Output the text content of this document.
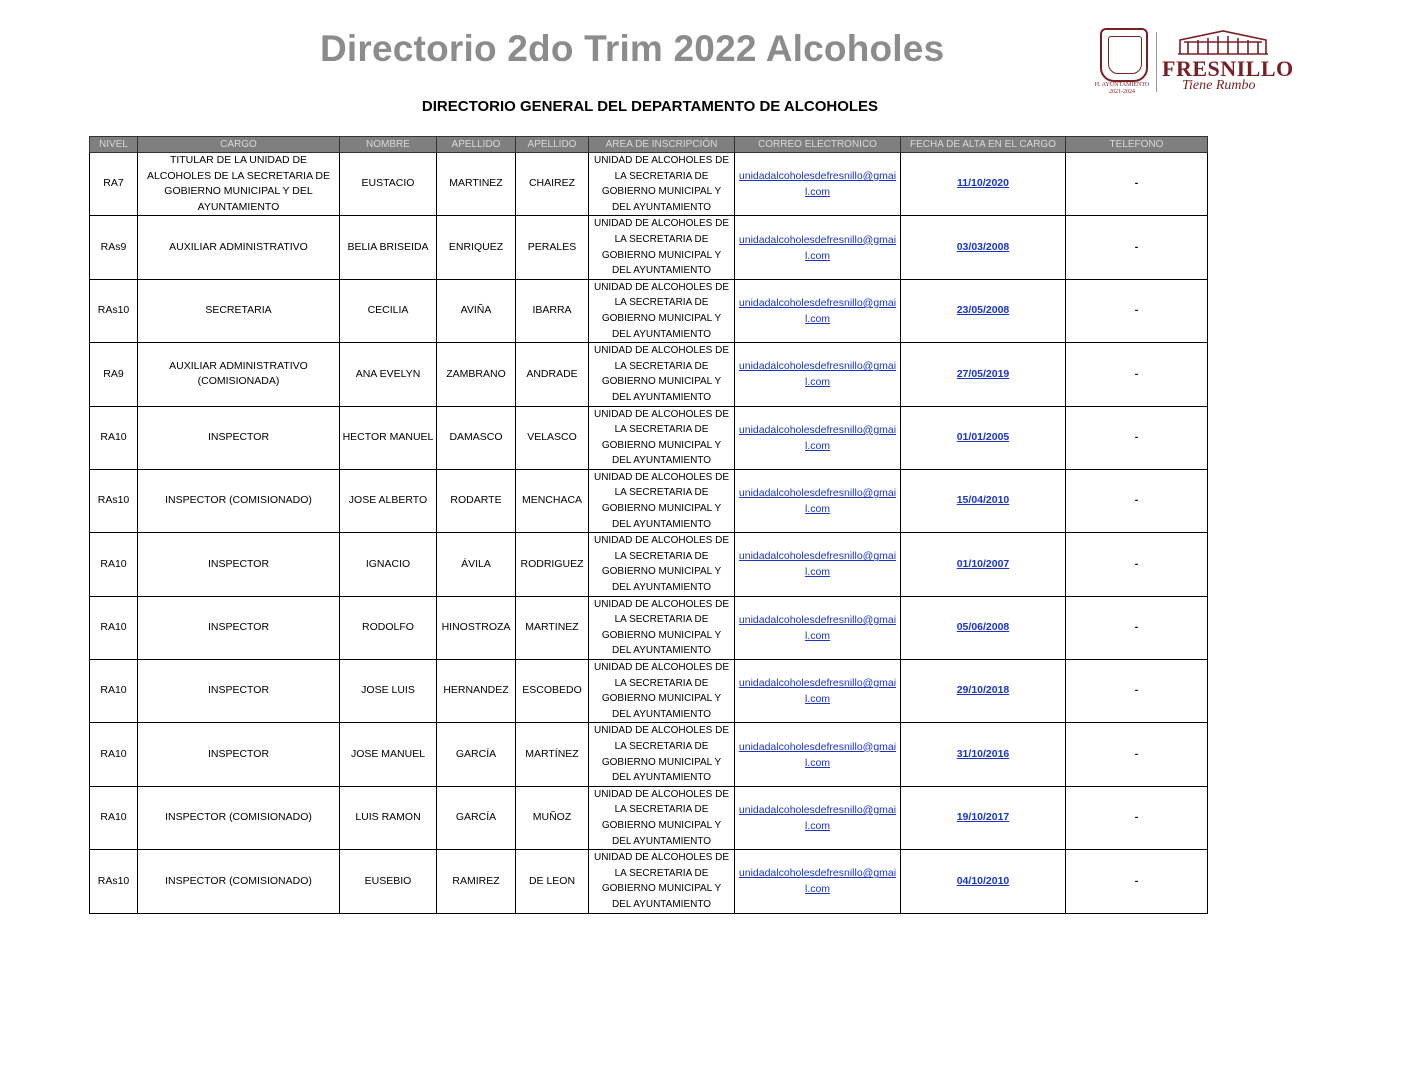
Directorio 2do Trim 2022 Alcoholes
H. AYUNTAMIENTO 2021-2024
FRESNILLO
Tiene Rumbo
DIRECTORIO GENERAL DEL DEPARTAMENTO DE ALCOHOLES
NIVEL	CARGO	NOMBRE	APELLIDO	APELLIDO	AREA DE INSCRIPCIÓN	CORREO ELECTRONICO	FECHA DE ALTA EN EL CARGO	TELEFONO
RA7	TITULAR DE LA UNIDAD DE ALCOHOLES DE LA SECRETARIA DE GOBIERNO MUNICIPAL Y DEL AYUNTAMIENTO	EUSTACIO	MARTINEZ	CHAIREZ	UNIDAD DE ALCOHOLES DE LA SECRETARIA DE GOBIERNO MUNICIPAL Y DEL AYUNTAMIENTO	unidadalcoholesdefresnillo@gmail.com	11/10/2020	-
RAs9	AUXILIAR ADMINISTRATIVO	BELIA BRISEIDA	ENRIQUEZ	PERALES	UNIDAD DE ALCOHOLES DE LA SECRETARIA DE GOBIERNO MUNICIPAL Y DEL AYUNTAMIENTO	unidadalcoholesdefresnillo@gmail.com	03/03/2008	-
RAs10	SECRETARIA	CECILIA	AVIÑA	IBARRA	UNIDAD DE ALCOHOLES DE LA SECRETARIA DE GOBIERNO MUNICIPAL Y DEL AYUNTAMIENTO	unidadalcoholesdefresnillo@gmail.com	23/05/2008	-
RA9	AUXILIAR ADMINISTRATIVO (COMISIONADA)	ANA EVELYN	ZAMBRANO	ANDRADE	UNIDAD DE ALCOHOLES DE LA SECRETARIA DE GOBIERNO MUNICIPAL Y DEL AYUNTAMIENTO	unidadalcoholesdefresnillo@gmail.com	27/05/2019	-
RA10	INSPECTOR	HECTOR MANUEL	DAMASCO	VELASCO	UNIDAD DE ALCOHOLES DE LA SECRETARIA DE GOBIERNO MUNICIPAL Y DEL AYUNTAMIENTO	unidadalcoholesdefresnillo@gmail.com	01/01/2005	-
RAs10	INSPECTOR (COMISIONADO)	JOSE ALBERTO	RODARTE	MENCHACA	UNIDAD DE ALCOHOLES DE LA SECRETARIA DE GOBIERNO MUNICIPAL Y DEL AYUNTAMIENTO	unidadalcoholesdefresnillo@gmail.com	15/04/2010	-
RA10	INSPECTOR	IGNACIO	ÁVILA	RODRIGUEZ	UNIDAD DE ALCOHOLES DE LA SECRETARIA DE GOBIERNO MUNICIPAL Y DEL AYUNTAMIENTO	unidadalcoholesdefresnillo@gmail.com	01/10/2007	-
RA10	INSPECTOR	RODOLFO	HINOSTROZA	MARTINEZ	UNIDAD DE ALCOHOLES DE LA SECRETARIA DE GOBIERNO MUNICIPAL Y DEL AYUNTAMIENTO	unidadalcoholesdefresnillo@gmail.com	05/06/2008	-
RA10	INSPECTOR	JOSE LUIS	HERNANDEZ	ESCOBEDO	UNIDAD DE ALCOHOLES DE LA SECRETARIA DE GOBIERNO MUNICIPAL Y DEL AYUNTAMIENTO	unidadalcoholesdefresnillo@gmail.com	29/10/2018	-
RA10	INSPECTOR	JOSE MANUEL	GARCÍA	MARTÍNEZ	UNIDAD DE ALCOHOLES DE LA SECRETARIA DE GOBIERNO MUNICIPAL Y DEL AYUNTAMIENTO	unidadalcoholesdefresnillo@gmail.com	31/10/2016	-
RA10	INSPECTOR (COMISIONADO)	LUIS RAMON	GARCÍA	MUÑOZ	UNIDAD DE ALCOHOLES DE LA SECRETARIA DE GOBIERNO MUNICIPAL Y DEL AYUNTAMIENTO	unidadalcoholesdefresnillo@gmail.com	19/10/2017	-
RAs10	INSPECTOR (COMISIONADO)	EUSEBIO	RAMIREZ	DE LEON	UNIDAD DE ALCOHOLES DE LA SECRETARIA DE GOBIERNO MUNICIPAL Y DEL AYUNTAMIENTO	unidadalcoholesdefresnillo@gmail.com	04/10/2010	-
